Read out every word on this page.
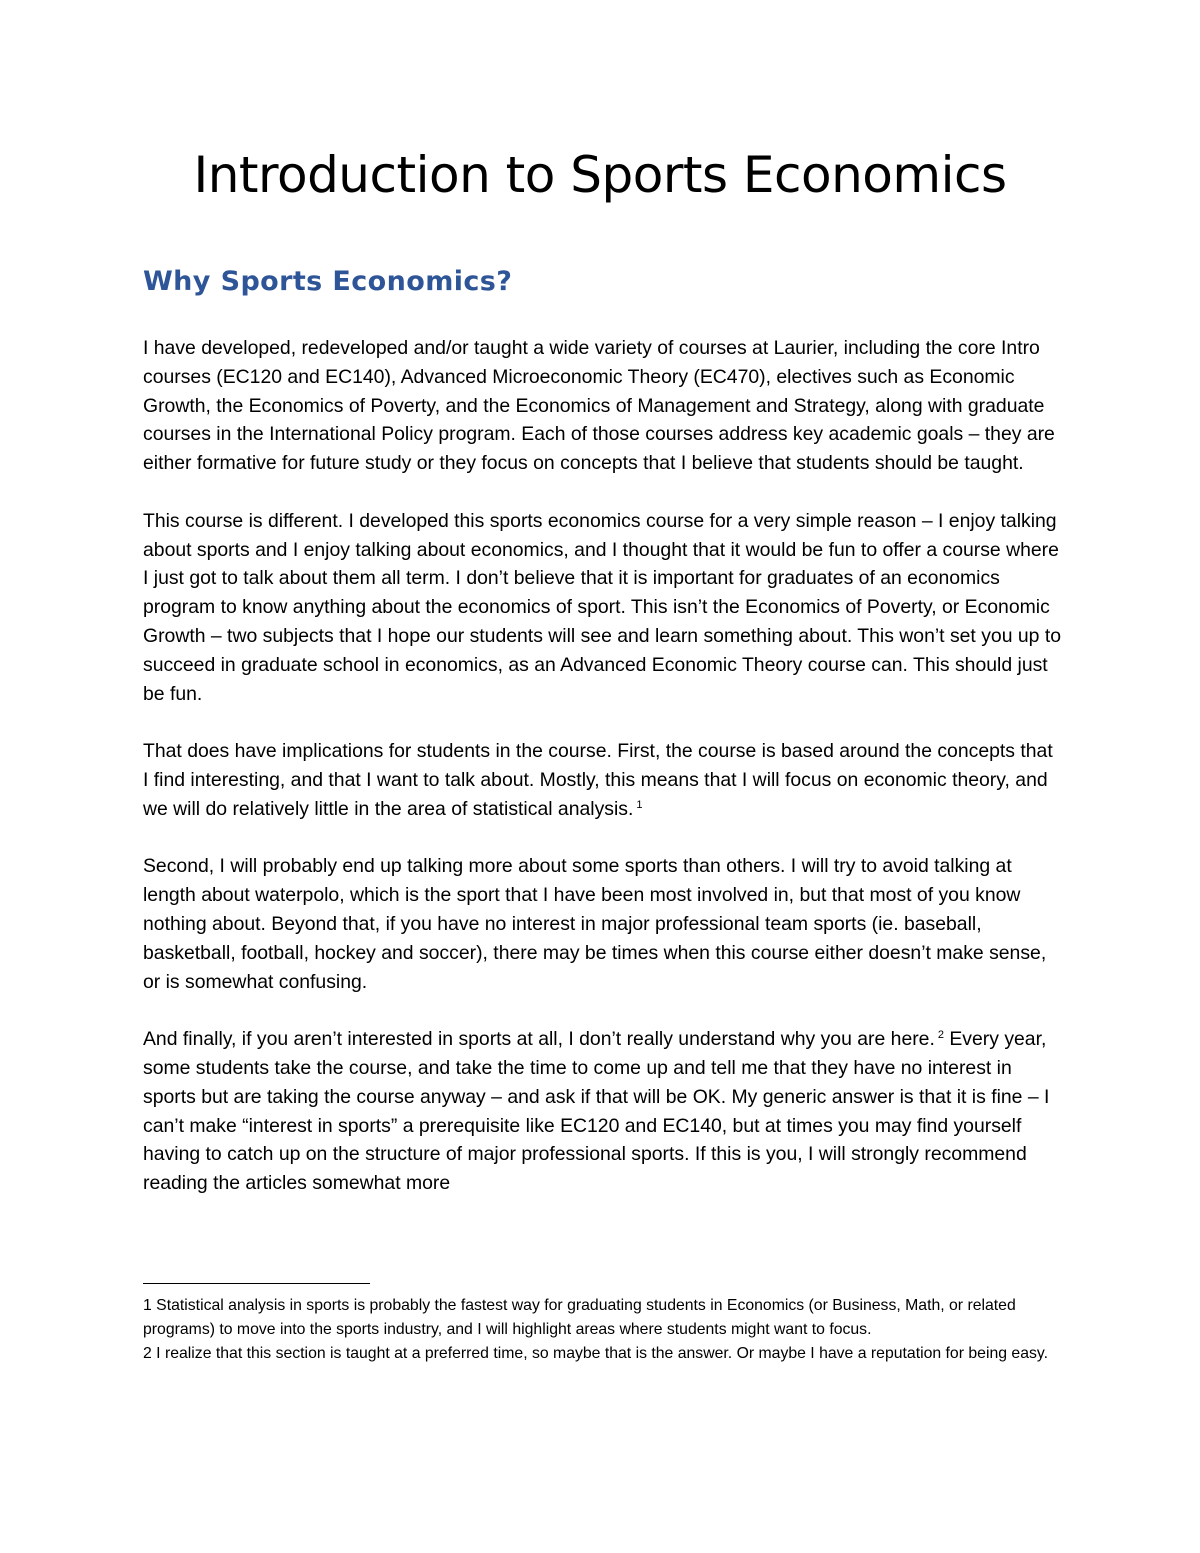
Introduction to Sports Economics
Why Sports Economics?

I have developed, redeveloped and/or taught a wide variety of courses at Laurier, including the core Intro courses (EC120 and EC140), Advanced Microeconomic Theory (EC470), electives such as Economic Growth, the Economics of Poverty, and the Economics of Management and Strategy, along with graduate courses in the International Policy program. Each of those courses address key academic goals – they are either formative for future study or they focus on concepts that I believe that students should be taught.

This course is different. I developed this sports economics course for a very simple reason – I enjoy talking about sports and I enjoy talking about economics, and I thought that it would be fun to offer a course where I just got to talk about them all term. I don’t believe that it is important for graduates of an economics program to know anything about the economics of sport. This isn’t the Economics of Poverty, or Economic Growth – two subjects that I hope our students will see and learn something about. This won’t set you up to succeed in graduate school in economics, as an Advanced Economic Theory course can. This should just be fun.

That does have implications for students in the course. First, the course is based around the concepts that I find interesting, and that I want to talk about. Mostly, this means that I will focus on economic theory, and we will do relatively little in the area of statistical analysis. $^1$

Second, I will probably end up talking more about some sports than others. I will try to avoid talking at length about waterpolo, which is the sport that I have been most involved in, but that most of you know nothing about. Beyond that, if you have no interest in major professional team sports (ie. baseball, basketball, football, hockey and soccer), there may be times when this course either doesn’t make sense, or is somewhat confusing.

And finally, if you aren’t interested in sports at all, I don’t really understand why you are here. $^2$ Every year, some students take the course, and take the time to come up and tell me that they have no interest in sports but are taking the course anyway – and ask if that will be OK. My generic answer is that it is fine – I can’t make “interest in sports” a prerequisite like EC120 and EC140, but at times you may find yourself having to catch up on the structure of major professional sports. If this is you, I will strongly recommend reading the articles somewhat more

1 Statistical analysis in sports is probably the fastest way for graduating students in Economics (or Business, Math, or related programs) to move into the sports industry, and I will highlight areas where students might want to focus.

2 I realize that this section is taught at a preferred time, so maybe that is the answer. Or maybe I have a reputation for being easy.
